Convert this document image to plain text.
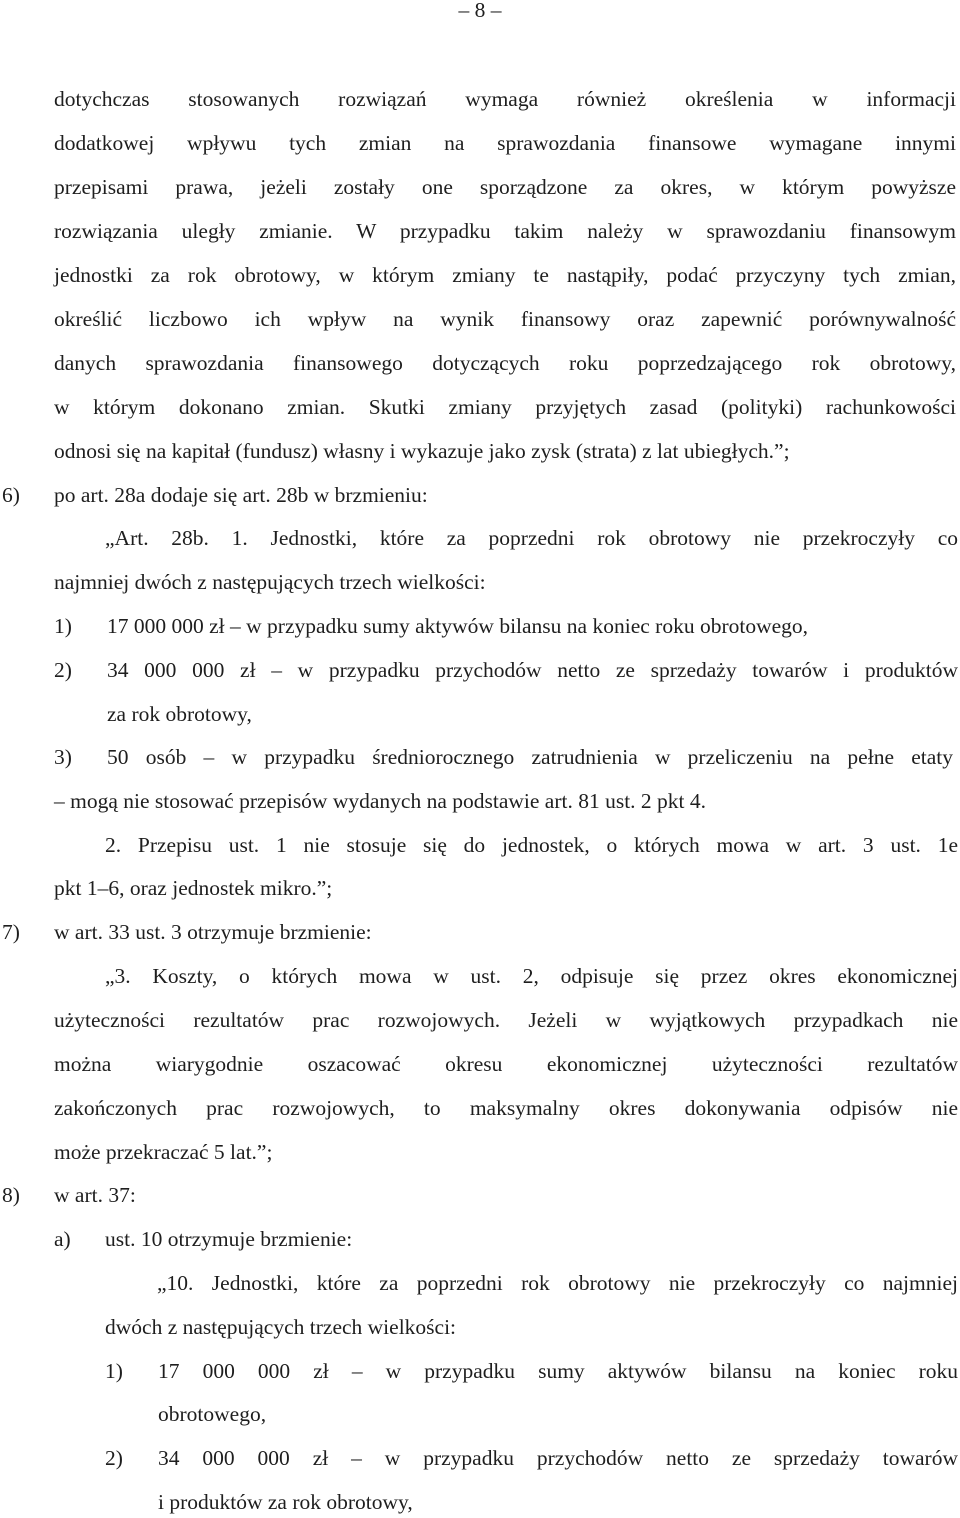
– 8 –
dotychczas stosowanych rozwiązań wymaga również określenia w informacji
dodatkowej wpływu tych zmian na sprawozdania finansowe wymagane innymi
przepisami prawa, jeżeli zostały one sporządzone za okres, w którym powyższe
rozwiązania uległy zmianie. W przypadku takim należy w sprawozdaniu finansowym
jednostki za rok obrotowy, w którym zmiany te nastąpiły, podać przyczyny tych zmian,
określić liczbowo ich wpływ na wynik finansowy oraz zapewnić porównywalność
danych sprawozdania finansowego dotyczących roku poprzedzającego rok obrotowy,
w którym dokonano zmian. Skutki zmiany przyjętych zasad (polityki) rachunkowości
odnosi się na kapitał (fundusz) własny i wykazuje jako zysk (strata) z lat ubiegłych.”;
6) po art. 28a dodaje się art. 28b w brzmieniu:
„Art. 28b. 1. Jednostki, które za poprzedni rok obrotowy nie przekroczyły co
najmniej dwóch z następujących trzech wielkości:
1) 17 000 000 zł – w przypadku sumy aktywów bilansu na koniec roku obrotowego,
2) 34 000 000 zł – w przypadku przychodów netto ze sprzedaży towarów i produktów
za rok obrotowy,
3) 50 osób – w przypadku średniorocznego zatrudnienia w przeliczeniu na pełne etaty
– mogą nie stosować przepisów wydanych na podstawie art. 81 ust. 2 pkt 4.
2. Przepisu ust. 1 nie stosuje się do jednostek, o których mowa w art. 3 ust. 1e
pkt 1–6, oraz jednostek mikro.”;
7) w art. 33 ust. 3 otrzymuje brzmienie:
„3. Koszty, o których mowa w ust. 2, odpisuje się przez okres ekonomicznej
użyteczności rezultatów prac rozwojowych. Jeżeli w wyjątkowych przypadkach nie
można wiarygodnie oszacować okresu ekonomicznej użyteczności rezultatów
zakończonych prac rozwojowych, to maksymalny okres dokonywania odpisów nie
może przekraczać 5 lat.”;
8) w art. 37:
a) ust. 10 otrzymuje brzmienie:
„10. Jednostki, które za poprzedni rok obrotowy nie przekroczyły co najmniej
dwóch z następujących trzech wielkości:
1) 17 000 000 zł – w przypadku sumy aktywów bilansu na koniec roku
obrotowego,
2) 34 000 000 zł – w przypadku przychodów netto ze sprzedaży towarów
i produktów za rok obrotowy,
